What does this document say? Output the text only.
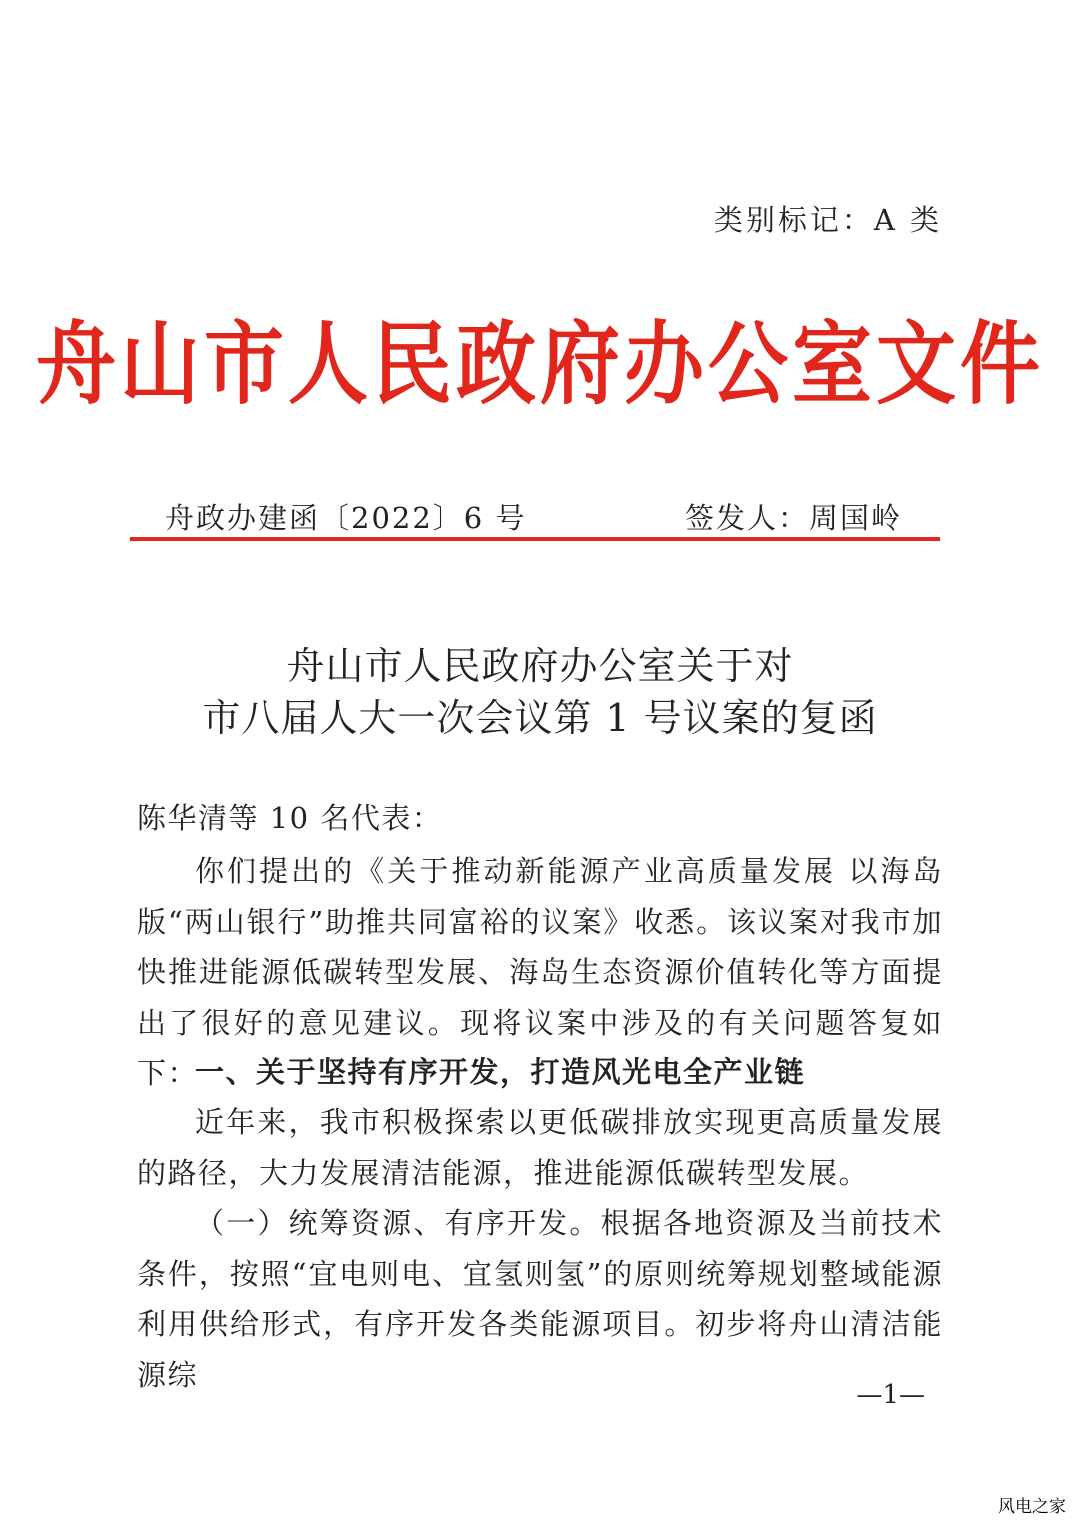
类别标记：A 类
舟山市人民政府办公室文件
舟政办建函〔2022〕6 号	签发人：周国岭
舟山市人民政府办公室关于对
市八届人大一次会议第 1 号议案的复函
陈华清等 10 名代表：
你们提出的《关于推动新能源产业高质量发展 以海岛版“两山银行”助推共同富裕的议案》收悉。该议案对我市加快推进能源低碳转型发展、海岛生态资源价值转化等方面提出了很好的意见建议。现将议案中涉及的有关问题答复如下：
一、关于坚持有序开发，打造风光电全产业链
近年来，我市积极探索以更低碳排放实现更高质量发展的路径，大力发展清洁能源，推进能源低碳转型发展。
（一）统筹资源、有序开发。根据各地资源及当前技术条件，按照“宜电则电、宜氢则氢”的原则统筹规划整域能源利用供给形式，有序开发各类能源项目。初步将舟山清洁能源综
—1—
风电之家
